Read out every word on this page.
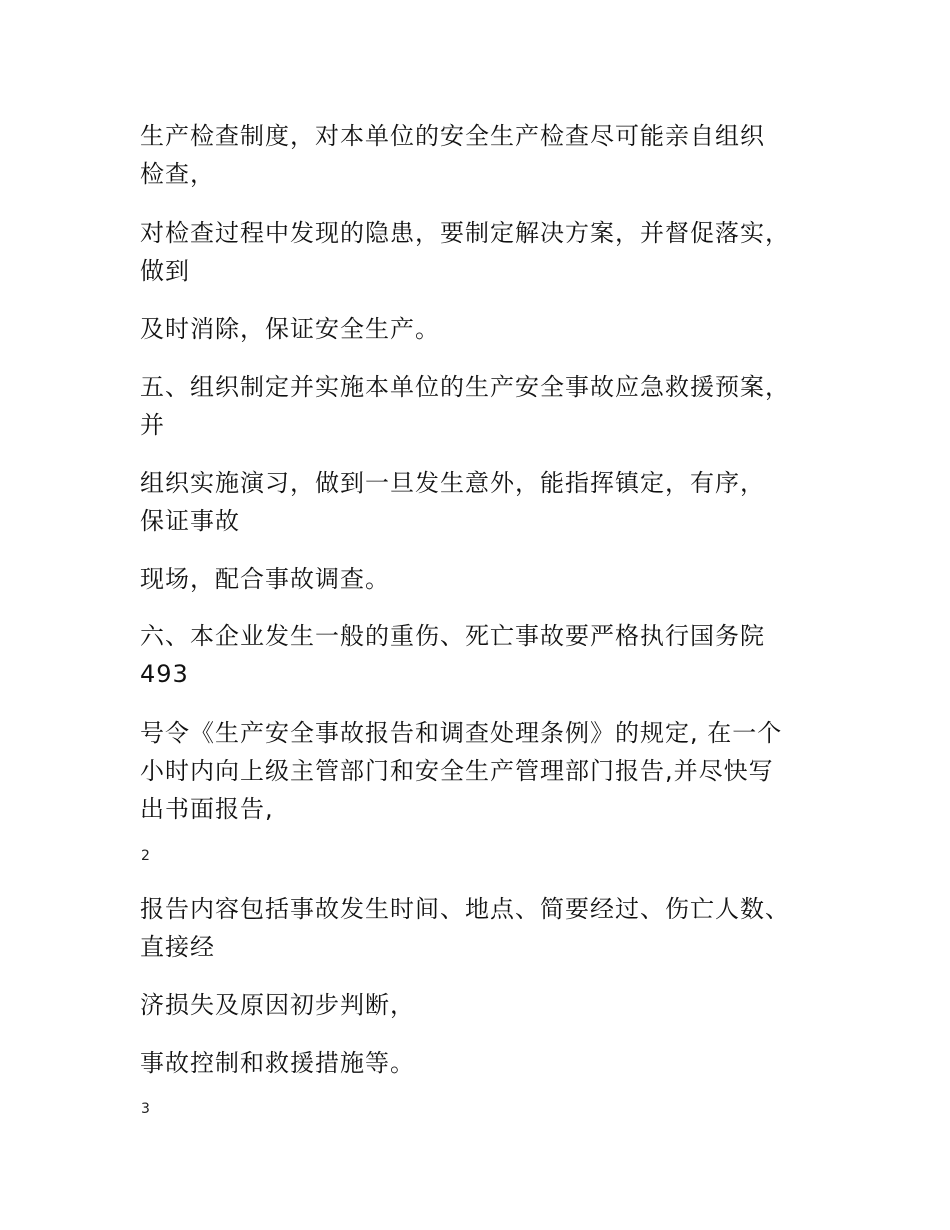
生产检查制度，对本单位的安全生产检查尽可能亲自组织
检查，
对检查过程中发现的隐患，要制定解决方案，并督促落实，
做到
及时消除，保证安全生产。
五、组织制定并实施本单位的生产安全事故应急救援预案，
并
组织实施演习，做到一旦发生意外，能指挥镇定，有序，
保证事故
现场，配合事故调查。
六、本企业发生一般的重伤、死亡事故要严格执行国务院
493
号令《生产安全事故报告和调查处理条例》的规定, 在一个
小时内向上级主管部门和安全生产管理部门报告,并尽快写
出书面报告,
2
报告内容包括事故发生时间、地点、简要经过、伤亡人数、
直接经
济损失及原因初步判断，
事故控制和救援措施等。
3
